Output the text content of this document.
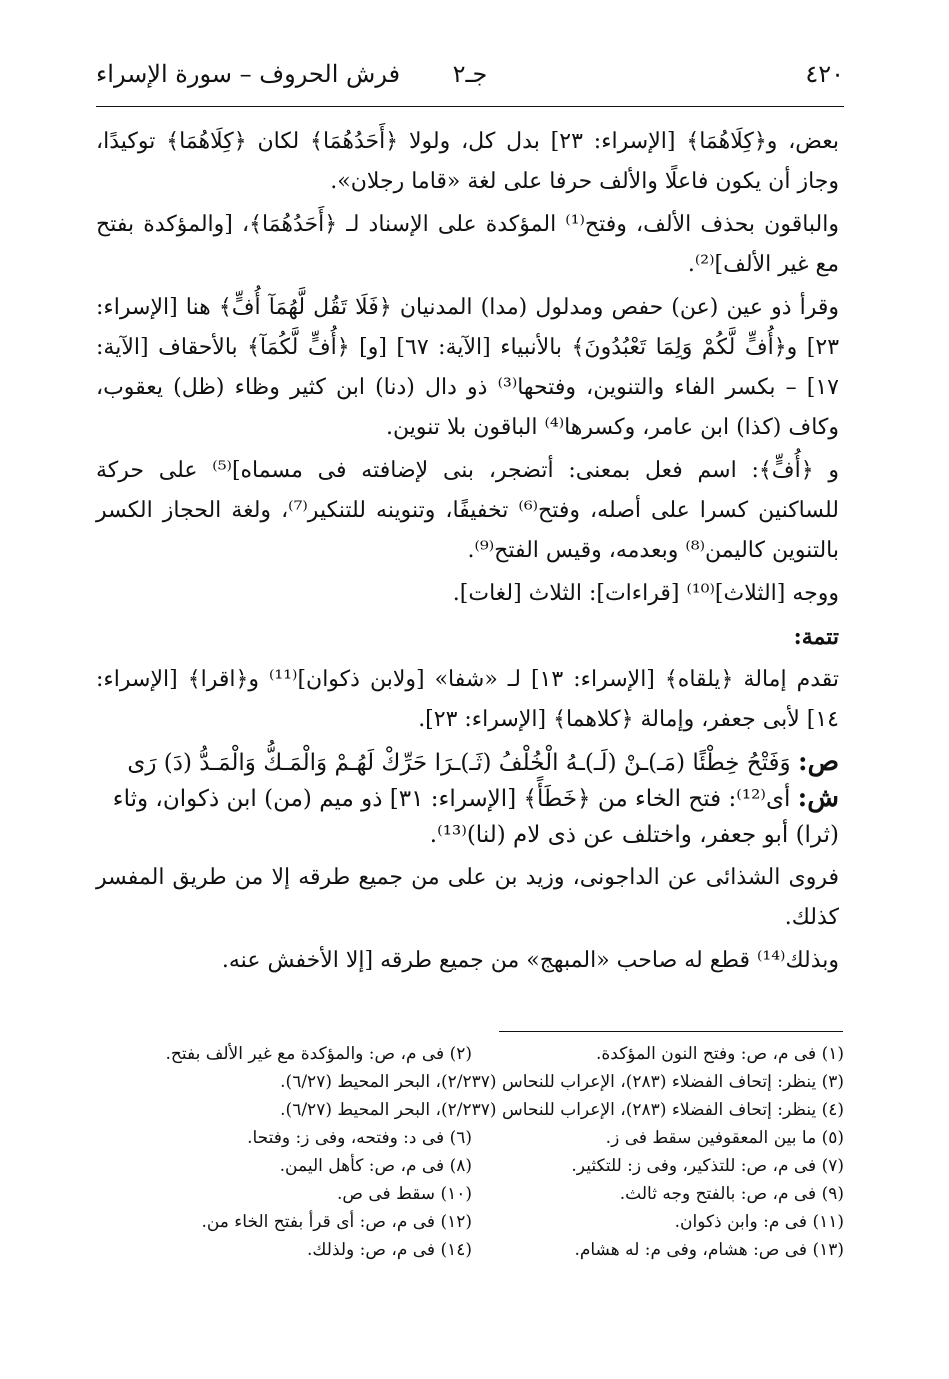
٤٢٠
جـ٢
فرش الحروف – سورة الإسراء

بعض، و﴿كِلَاهُمَا﴾ [الإسراء: ٢٣] بدل كل، ولولا ﴿أَحَدُهُمَا﴾ لكان ﴿كِلَاهُمَا﴾ توكيدًا، وجاز أن يكون فاعلًا والألف حرفا على لغة «قاما رجلان».

والباقون بحذف الألف، وفتح⁽¹⁾ المؤكدة على الإسناد لـ ﴿أَحَدُهُمَا﴾، [والمؤكدة بفتح مع غير الألف]⁽²⁾.

وقرأ ذو عين (عن) حفص ومدلول (مدا) المدنيان ﴿فَلَا تَقُل لَّهُمَآ أُفٍّ﴾ هنا [الإسراء: ٢٣] و﴿أُفٍّ لَّكُمْ وَلِمَا تَعْبُدُونَ﴾ بالأنبياء [الآية: ٦٧] [و] ﴿أُفٍّ لَّكُمَآ﴾ بالأحقاف [الآية: ١٧] – بكسر الفاء والتنوين، وفتحها⁽³⁾ ذو دال (دنا) ابن كثير وظاء (ظل) يعقوب، وكاف (كذا) ابن عامر، وكسرها⁽⁴⁾ الباقون بلا تنوين.

و ﴿أُفٍّ﴾: اسم فعل بمعنى: أتضجر، بنى لإضافته فى مسماه]⁽⁵⁾ على حركة للساكنين كسرا على أصله، وفتح⁽⁶⁾ تخفيفًا، وتنوينه للتنكير⁽⁷⁾، ولغة الحجاز الكسر بالتنوين كاليمن⁽⁸⁾ وبعدمه، وقيس الفتح⁽⁹⁾.

ووجه [الثلاث]⁽¹⁰⁾ [قراءات]: الثلاث [لغات].

تتمة:

تقدم إمالة ﴿يلقاه﴾ [الإسراء: ١٣] لـ «شفا» [ولابن ذكوان]⁽¹¹⁾ و﴿اقرا﴾ [الإسراء: ١٤] لأبى جعفر، وإمالة ﴿كلاهما﴾ [الإسراء: ٢٣].

ص: وَفَتْحُ خِطْئًا (مَـ)ـنْ (لَـ)ـهُ الْخُلْفُ (ثَـ)ـرَا حَرِّكْ لَهُـمْ وَالْمَـكُّ وَالْمَـدُّ (دَ) رَى
ش: أى⁽¹²⁾: فتح الخاء من ﴿خَطَأً﴾ [الإسراء: ٣١] ذو ميم (من) ابن ذكوان، وثاء (ثرا) أبو جعفر، واختلف عن ذى لام (لنا)⁽¹³⁾.

فروى الشذائى عن الداجونى، وزيد بن على من جميع طرقه إلا من طريق المفسر كذلك.

وبذلك⁽¹⁴⁾ قطع له صاحب «المبهج» من جميع طرقه [إلا الأخفش عنه.

(١) فى م، ص: وفتح النون المؤكدة.
(٢) فى م، ص: والمؤكدة مع غير الألف بفتح.
(٣) ينظر: إتحاف الفضلاء (٢٨٣)، الإعراب للنحاس (٢/٢٣٧)، البحر المحيط (٦/٢٧).
(٤) ينظر: إتحاف الفضلاء (٢٨٣)، الإعراب للنحاس (٢/٢٣٧)، البحر المحيط (٦/٢٧).
(٥) ما بين المعقوفين سقط فى ز.
(٦) فى د: وفتحه، وفى ز: وفتحا.
(٧) فى م، ص: للتذكير، وفى ز: للتكثير.
(٨) فى م، ص: كأهل اليمن.
(٩) فى م، ص: بالفتح وجه ثالث.
(١٠) سقط فى ص.
(١١) فى م: وابن ذكوان.
(١٢) فى م، ص: أى قرأ بفتح الخاء من.
(١٣) فى ص: هشام، وفى م: له هشام.
(١٤) فى م، ص: ولذلك.
